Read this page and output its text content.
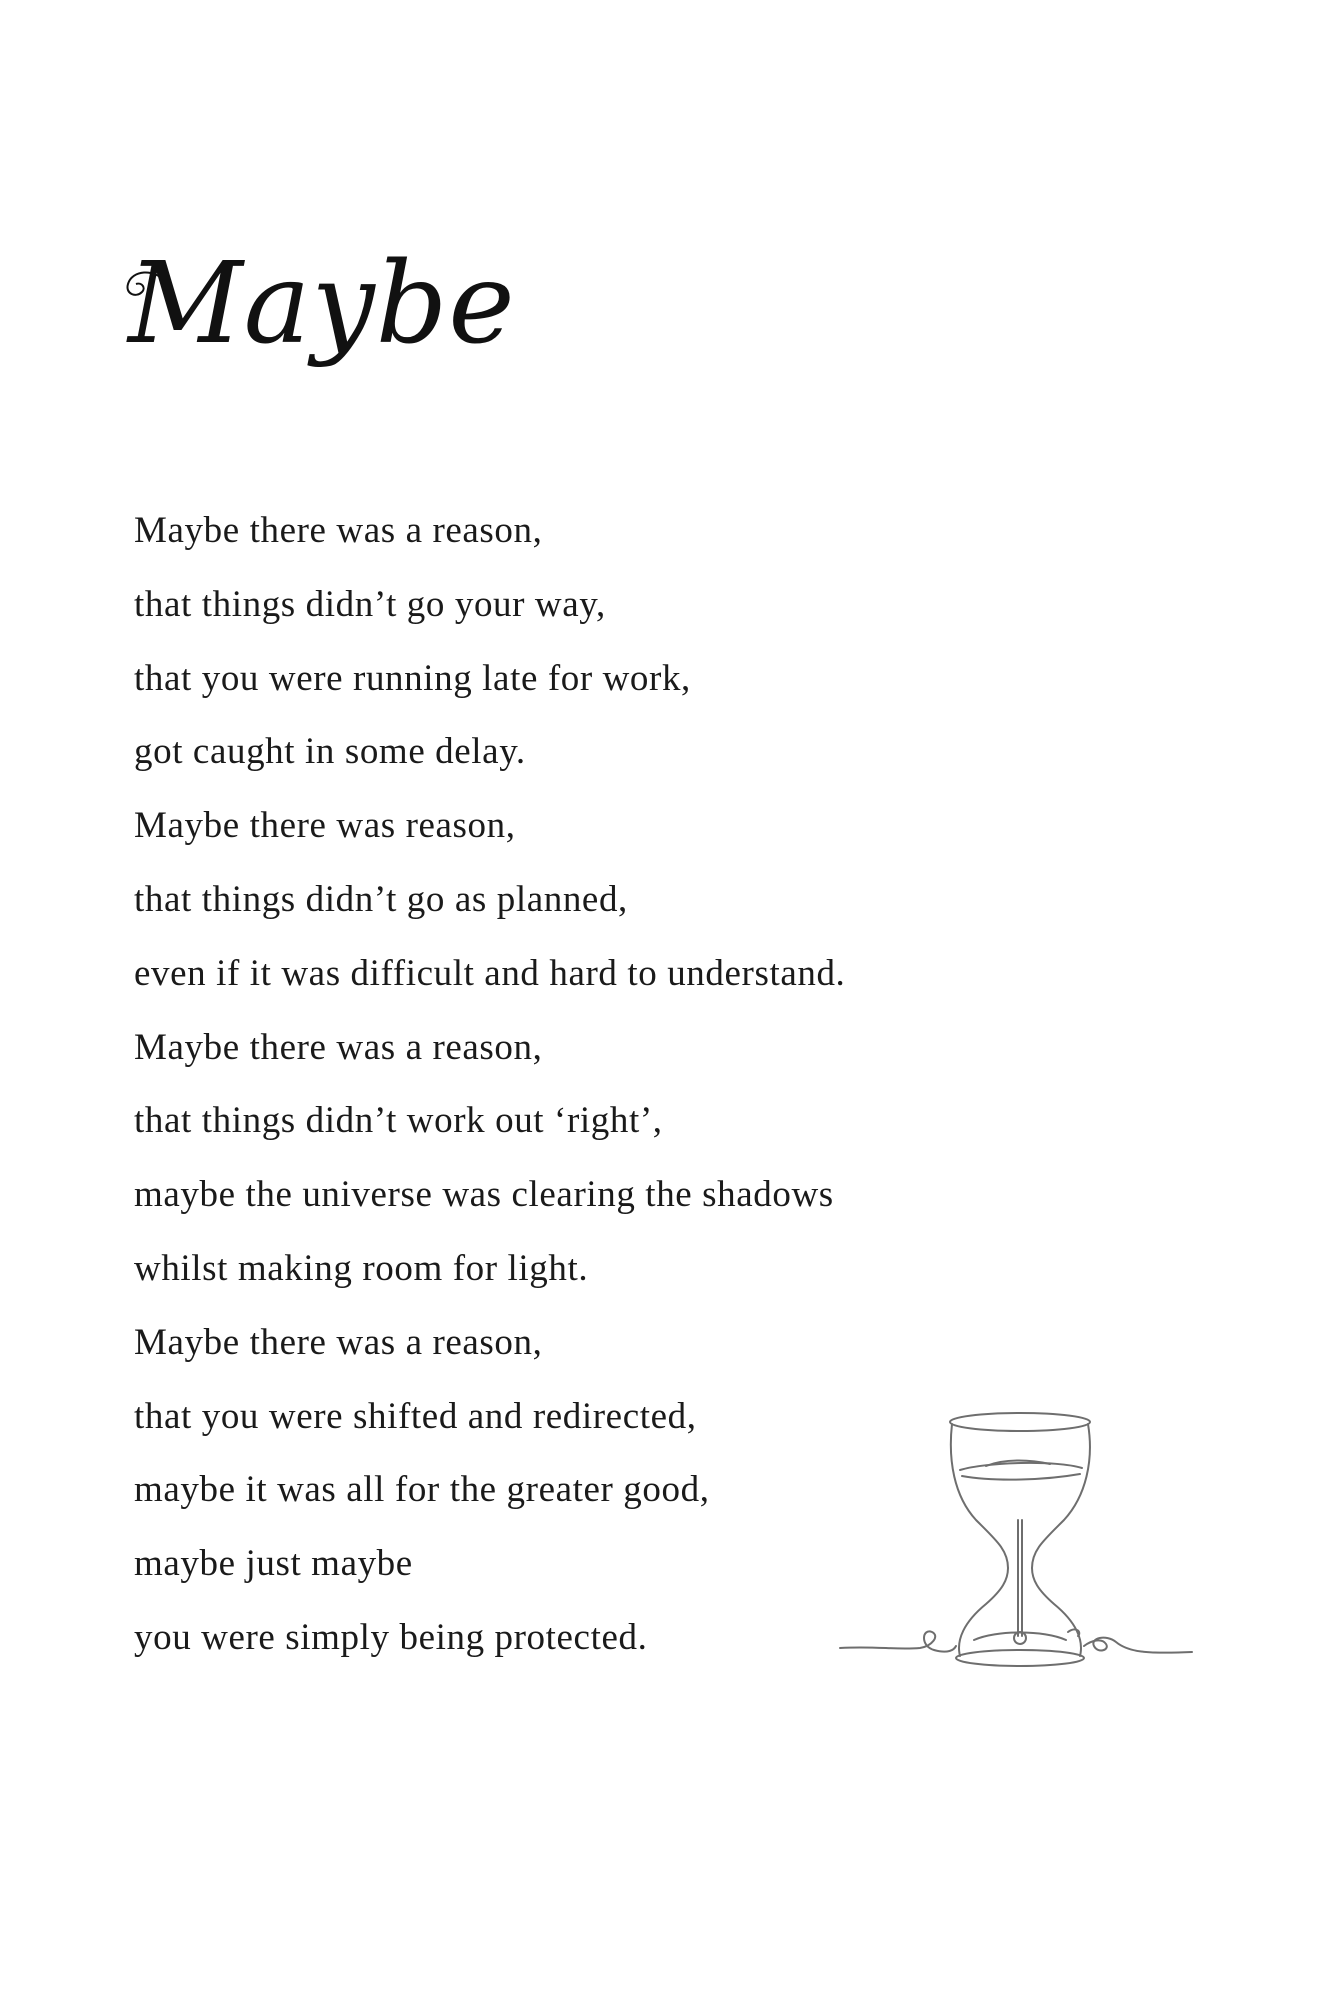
Maybe
Maybe there was a reason,
that things didn’t go your way,
that you were running late for work,
got caught in some delay.
Maybe there was reason,
that things didn’t go as planned,
even if it was difficult and hard to understand.
Maybe there was a reason,
that things didn’t work out ‘right’,
maybe the universe was clearing the shadows
whilst making room for light.
Maybe there was a reason,
that you were shifted and redirected,
maybe it was all for the greater good,
maybe just maybe
you were simply being protected.
